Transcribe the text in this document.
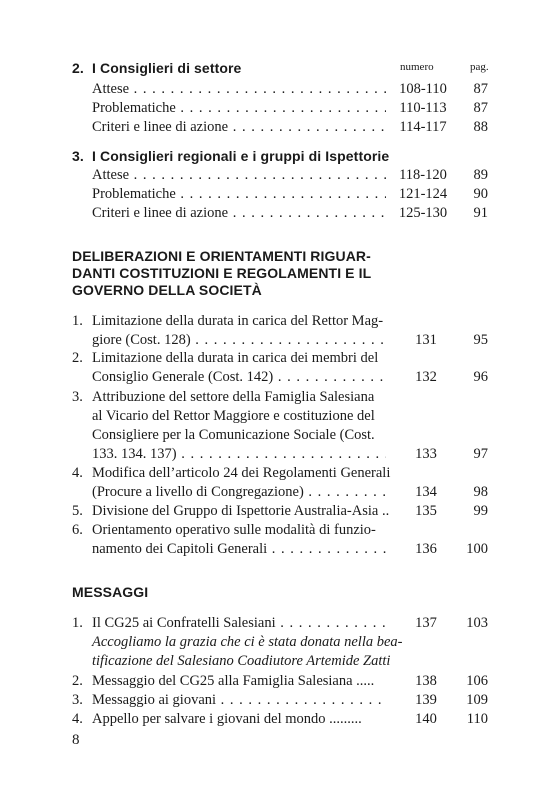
2. I Consiglieri di settore	numero	pag.
Attese . . .	108-110	87
Problematiche . . .	110-113	87
Criteri e linee di azione . . .	114-117	88
3. I Consiglieri regionali e i gruppi di Ispettorie
Attese . . .	118-120	89
Problematiche . . .	121-124	90
Criteri e linee di azione . . .	125-130	91
DELIBERAZIONI E ORIENTAMENTI RIGUAR-
DANTI COSTITUZIONI E REGOLAMENTI E IL
GOVERNO DELLA SOCIETÀ
1. Limitazione della durata in carica del Rettor Mag-
giore (Cost. 128) . . .	131	95
2. Limitazione della durata in carica dei membri del
Consiglio Generale (Cost. 142) . . .	132	96
3. Attribuzione del settore della Famiglia Salesiana
al Vicario del Rettor Maggiore e costituzione del
Consigliere per la Comunicazione Sociale (Cost.
133. 134. 137) . . .	133	97
4. Modifica dell’articolo 24 dei Regolamenti Generali
(Procure a livello di Congregazione) . . .	134	98
5. Divisione del Gruppo di Ispettorie Australia-Asia ..	135	99
6. Orientamento operativo sulle modalità di funzio-
namento dei Capitoli Generali . . .	136	100
MESSAGGI
1. Il CG25 ai Confratelli Salesiani . . .	137	103
Accogliamo la grazia che ci è stata donata nella bea-
tificazione del Salesiano Coadiutore Artemide Zatti
2. Messaggio del CG25 alla Famiglia Salesiana .....	138	106
3. Messaggio ai giovani . . .	139	109
4. Appello per salvare i giovani del mondo .........	140	110
8
